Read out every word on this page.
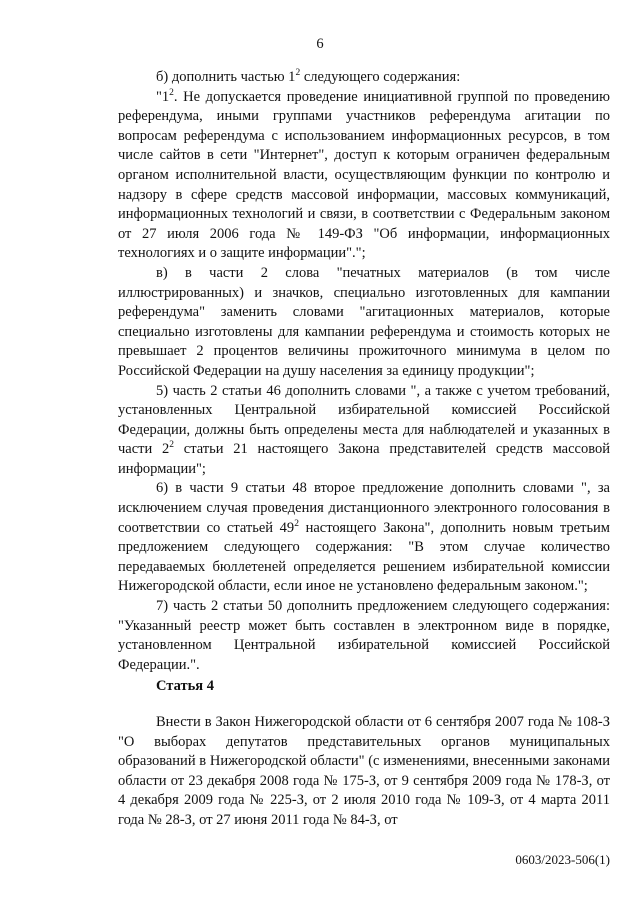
6

б) дополнить частью $1^2$ следующего содержания:

"$1^2$. Не допускается проведение инициативной группой по проведению референдума, иными группами участников референдума агитации по вопросам референдума с использованием информационных ресурсов, в том числе сайтов в сети "Интернет", доступ к которым ограничен федеральным органом исполнительной власти, осуществляющим функции по контролю и надзору в сфере средств массовой информации, массовых коммуникаций, информационных технологий и связи, в соответствии с Федеральным законом от 27 июля 2006 года № 149-ФЗ "Об информации, информационных технологиях и о защите информации".";

в) в части 2 слова "печатных материалов (в том числе иллюстрированных) и значков, специально изготовленных для кампании референдума" заменить словами "агитационных материалов, которые специально изготовлены для кампании референдума и стоимость которых не превышает 2 процентов величины прожиточного минимума в целом по Российской Федерации на душу населения за единицу продукции";

5) часть 2 статьи 46 дополнить словами ", а также с учетом требований, установленных Центральной избирательной комиссией Российской Федерации, должны быть определены места для наблюдателей и указанных в части $2^2$ статьи 21 настоящего Закона представителей средств массовой информации";

6) в части 9 статьи 48 второе предложение дополнить словами ", за исключением случая проведения дистанционного электронного голосования в соответствии со статьей $49^2$ настоящего Закона", дополнить новым третьим предложением следующего содержания: "В этом случае количество передаваемых бюллетеней определяется решением избирательной комиссии Нижегородской области, если иное не установлено федеральным законом.";

7) часть 2 статьи 50 дополнить предложением следующего содержания: "Указанный реестр может быть составлен в электронном виде в порядке, установленном Центральной избирательной комиссией Российской Федерации.".

Статья 4

Внести в Закон Нижегородской области от 6 сентября 2007 года № 108-З "О выборах депутатов представительных органов муниципальных образований в Нижегородской области" (с изменениями, внесенными законами области от 23 декабря 2008 года № 175-З, от 9 сентября 2009 года № 178-З, от 4 декабря 2009 года № 225-З, от 2 июля 2010 года № 109-З, от 4 марта 2011 года № 28-З, от 27 июня 2011 года № 84-З, от

0603/2023-506(1)
